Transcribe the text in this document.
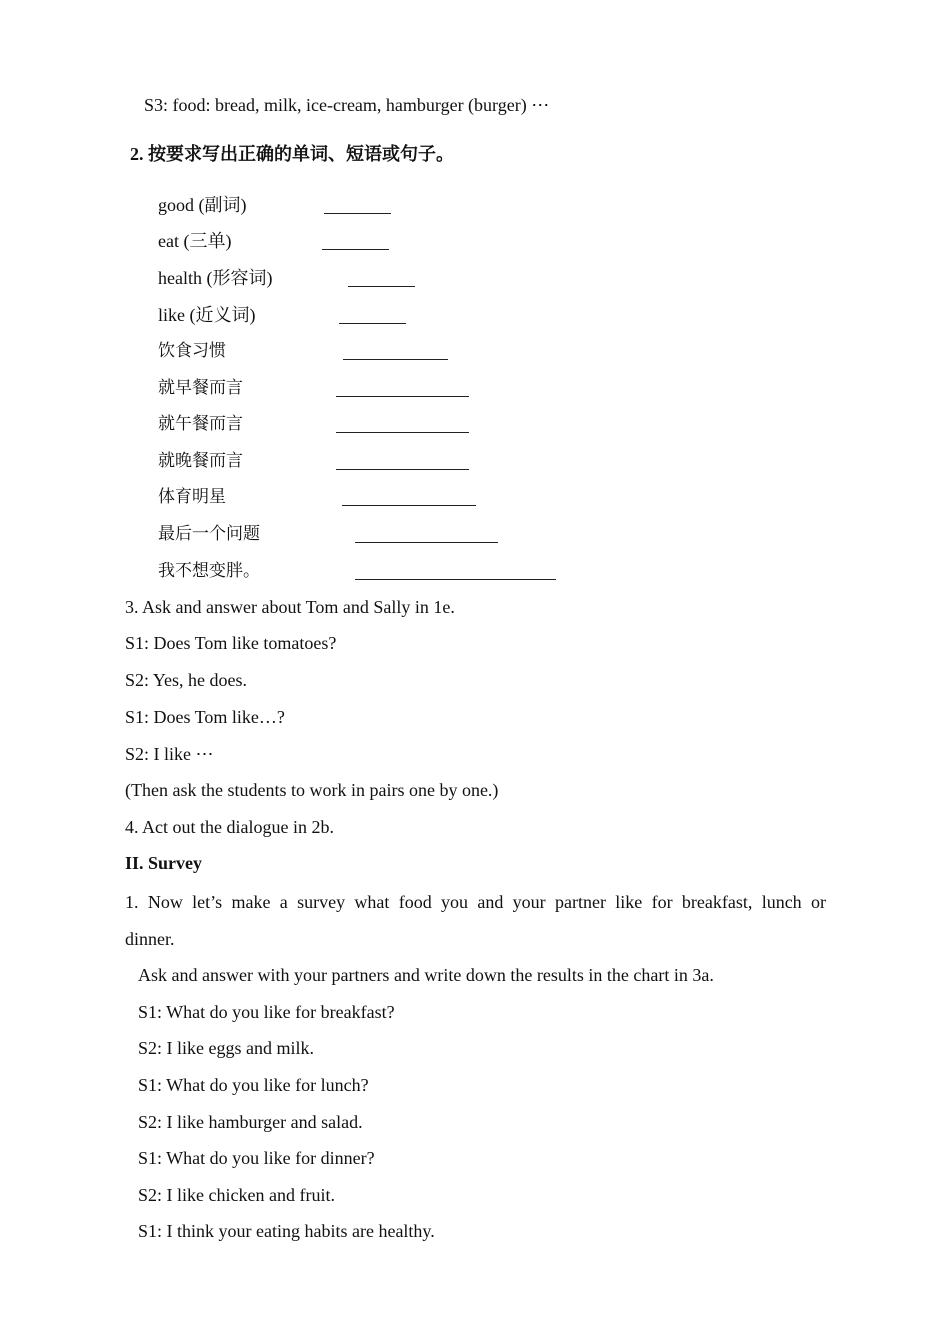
S3: food: bread, milk, ice-cream, hamburger (burger) ⋯
2. 按要求写出正确的单词、短语或句子。
good (副词)
eat (三单)
health (形容词)
like (近义词)
饮食习惯
就早餐而言
就午餐而言
就晚餐而言
体育明星
最后一个问题
我不想变胖。
3. Ask and answer about Tom and Sally in 1e.
S1: Does Tom like tomatoes?
S2: Yes, he does.
S1: Does Tom like…?
S2: I like ⋯
(Then ask the students to work in pairs one by one.)
4. Act out the dialogue in 2b.
II. Survey
1. Now let’s make a survey what food you and your partner like for breakfast, lunch or
dinner.
Ask and answer with your partners and write down the results in the chart in 3a.
S1: What do you like for breakfast?
S2: I like eggs and milk.
S1: What do you like for lunch?
S2: I like hamburger and salad.
S1: What do you like for dinner?
S2: I like chicken and fruit.
S1: I think your eating habits are healthy.
